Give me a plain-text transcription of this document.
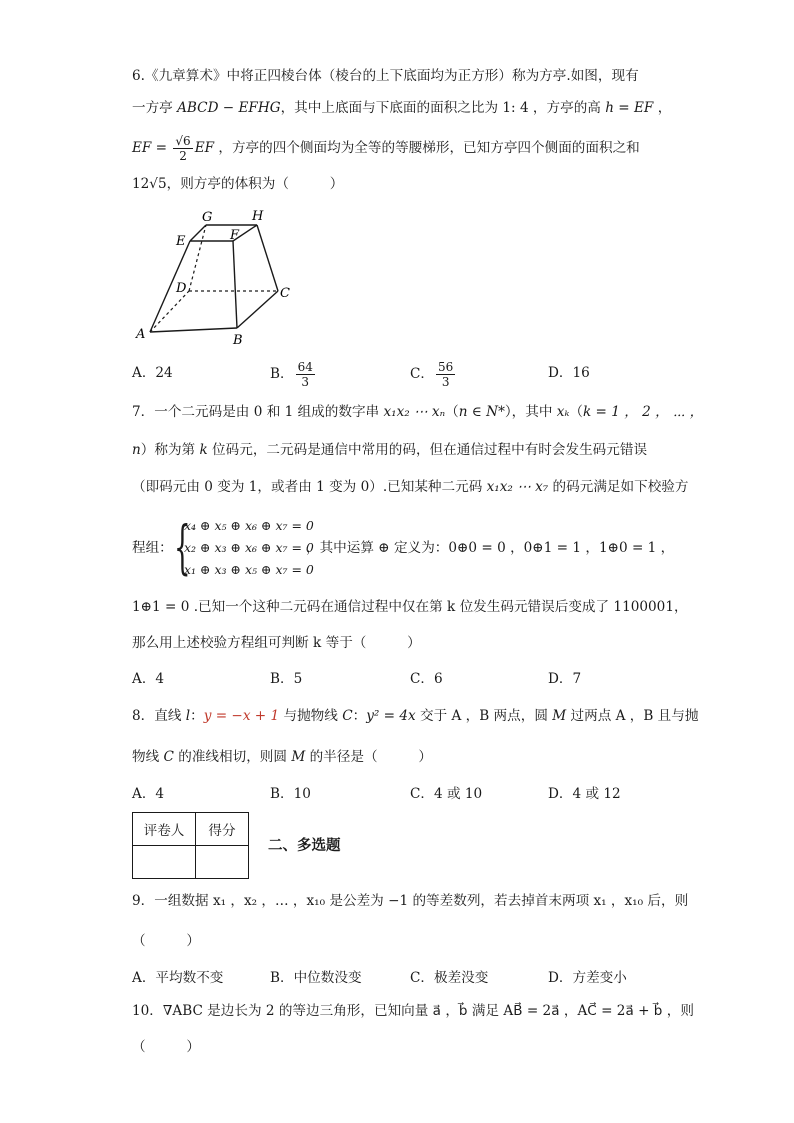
6.《九章算术》中将正四棱台体（棱台的上下底面均为正方形）称为方亭.如图，现有
一方亭 ABCD − EFHG，其中上底面与下底面的面积之比为 1: 4 ，方亭的高 h = EF ，
EF = $\frac{√6}{2}$ EF ，方亭的四个侧面均为全等的等腰梯形，已知方亭四个侧面的面积之和
12√5，则方亭的体积为（　　　）
G	H
E	F
D	C
A	B
A．24	B． $\frac{64}{3}$	C． $\frac{56}{3}$	D．16
7．一个二元码是由 0 和 1 组成的数字串 x₁x₂ ⋯ xₙ（n ∈ N*），其中 xₖ（k = 1 ， 2 ， ⋯ ，
n）称为第 k 位码元，二元码是通信中常用的码，但在通信过程中有时会发生码元错误
（即码元由 0 变为 1，或者由 1 变为 0）.已知某种二元码 x₁x₂ ⋯ x₇ 的码元满足如下校验方
程组： {
x₄ ⊕ x₅ ⊕ x₆ ⊕ x₇ = 0
x₂ ⊕ x₃ ⊕ x₆ ⊕ x₇ = 0
x₁ ⊕ x₃ ⊕ x₅ ⊕ x₇ = 0
，其中运算 ⊕ 定义为：0⊕0 = 0 ，0⊕1 = 1 ，1⊕0 = 1 ，
1⊕1 = 0 .已知一个这种二元码在通信过程中仅在第 k 位发生码元错误后变成了 1100001，
那么用上述校验方程组可判断 k 等于（　　　）
A．4	B．5	C．6	D．7
8．直线 l：y = −x + 1 与抛物线 C：y² = 4x 交于 A ，B 两点，圆 M 过两点 A ，B 且与抛
物线 C 的准线相切，则圆 M 的半径是（　　　）
A．4	B．10	C．4 或 10	D．4 或 12
评卷人	得分

二、多选题
9．一组数据 x₁ ，x₂ ，… ，x₁₀ 是公差为 −1 的等差数列，若去掉首末两项 x₁ ，x₁₀ 后，则
（　　　）
A．平均数不变	B．中位数没变	C．极差没变	D．方差变小
10．∇ABC 是边长为 2 的等边三角形，已知向量 a⃗ ，b⃗ 满足 AB⃗ = 2a⃗ ，AC⃗ = 2a⃗ + b⃗ ，则
（　　　）
